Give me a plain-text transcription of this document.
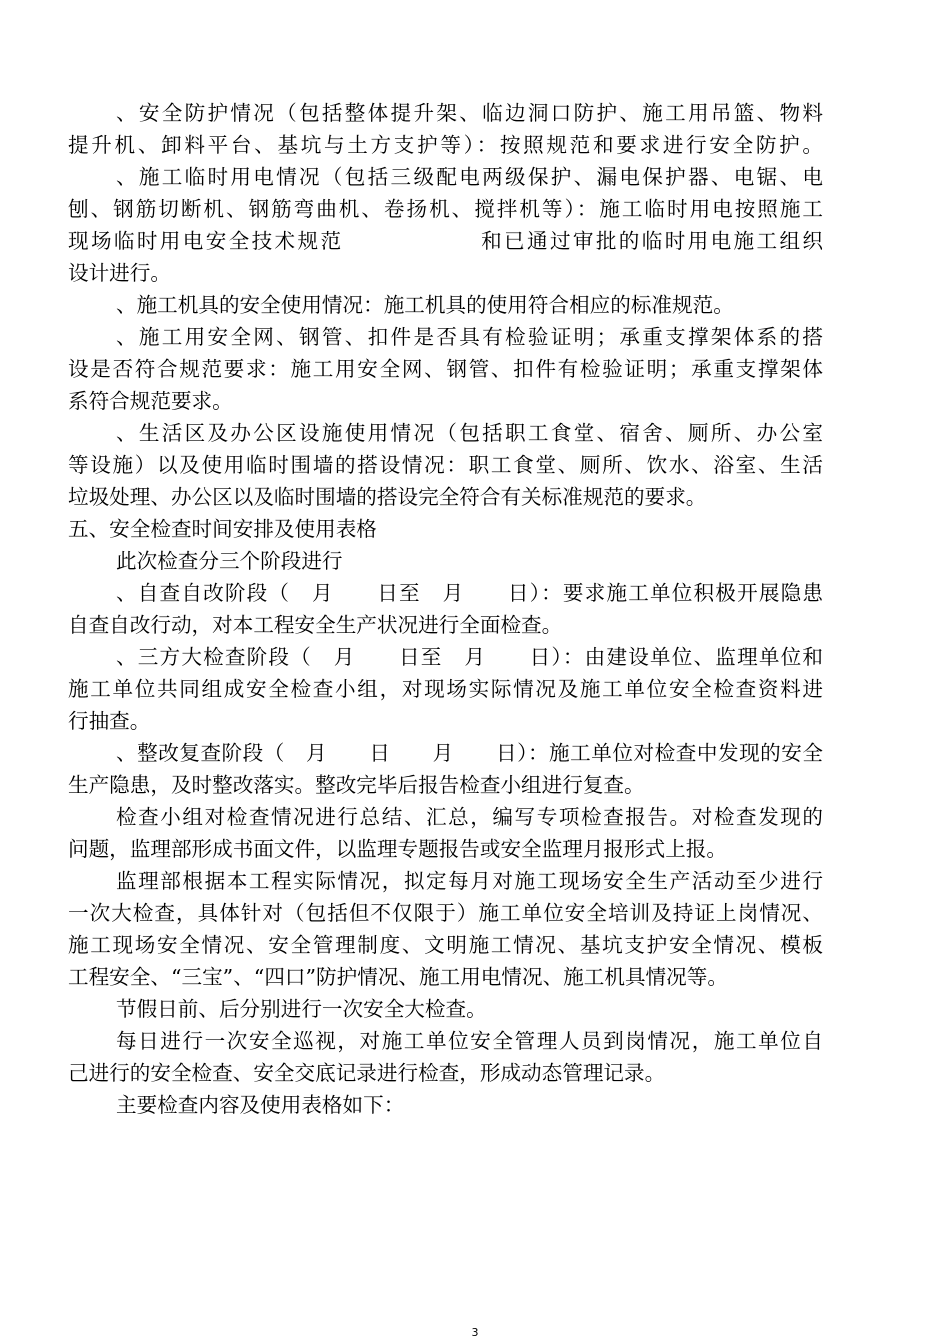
、安全防护情况（包括整体提升架、临边洞口防护、施工用吊篮、物料
提升机、卸料平台、基坑与土方支护等）：按照规范和要求进行安全防护。
、施工临时用电情况（包括三级配电两级保护、漏电保护器、电锯、电
刨、钢筋切断机、钢筋弯曲机、卷扬机、搅拌机等）：施工临时用电按照施工
现场临时用电安全技术规范　　　　　　和已通过审批的临时用电施工组织
设计进行。
、施工机具的安全使用情况：施工机具的使用符合相应的标准规范。
、施工用安全网、钢管、扣件是否具有检验证明；承重支撑架体系的搭
设是否符合规范要求：施工用安全网、钢管、扣件有检验证明；承重支撑架体
系符合规范要求。
、生活区及办公区设施使用情况（包括职工食堂、宿舍、厕所、办公室
等设施）以及使用临时围墙的搭设情况：职工食堂、厕所、饮水、浴室、生活
垃圾处理、办公区以及临时围墙的搭设完全符合有关标准规范的要求。
五、安全检查时间安排及使用表格
此次检查分三个阶段进行
、自查自改阶段（　月　　日至　月　　日）：要求施工单位积极开展隐患
自查自改行动，对本工程安全生产状况进行全面检查。
、三方大检查阶段（　月　　日至　月　　日）：由建设单位、监理单位和
施工单位共同组成安全检查小组，对现场实际情况及施工单位安全检查资料进
行抽查。
、整改复查阶段（　月　　日　　月　　日）：施工单位对检查中发现的安全
生产隐患，及时整改落实。整改完毕后报告检查小组进行复查。
检查小组对检查情况进行总结、汇总，编写专项检查报告。对检查发现的
问题，监理部形成书面文件，以监理专题报告或安全监理月报形式上报。
监理部根据本工程实际情况，拟定每月对施工现场安全生产活动至少进行
一次大检查，具体针对（包括但不仅限于）施工单位安全培训及持证上岗情况、
施工现场安全情况、安全管理制度、文明施工情况、基坑支护安全情况、模板
工程安全、“三宝”、“四口”防护情况、施工用电情况、施工机具情况等。
节假日前、后分别进行一次安全大检查。
每日进行一次安全巡视，对施工单位安全管理人员到岗情况，施工单位自
己进行的安全检查、安全交底记录进行检查，形成动态管理记录。
主要检查内容及使用表格如下：
3
